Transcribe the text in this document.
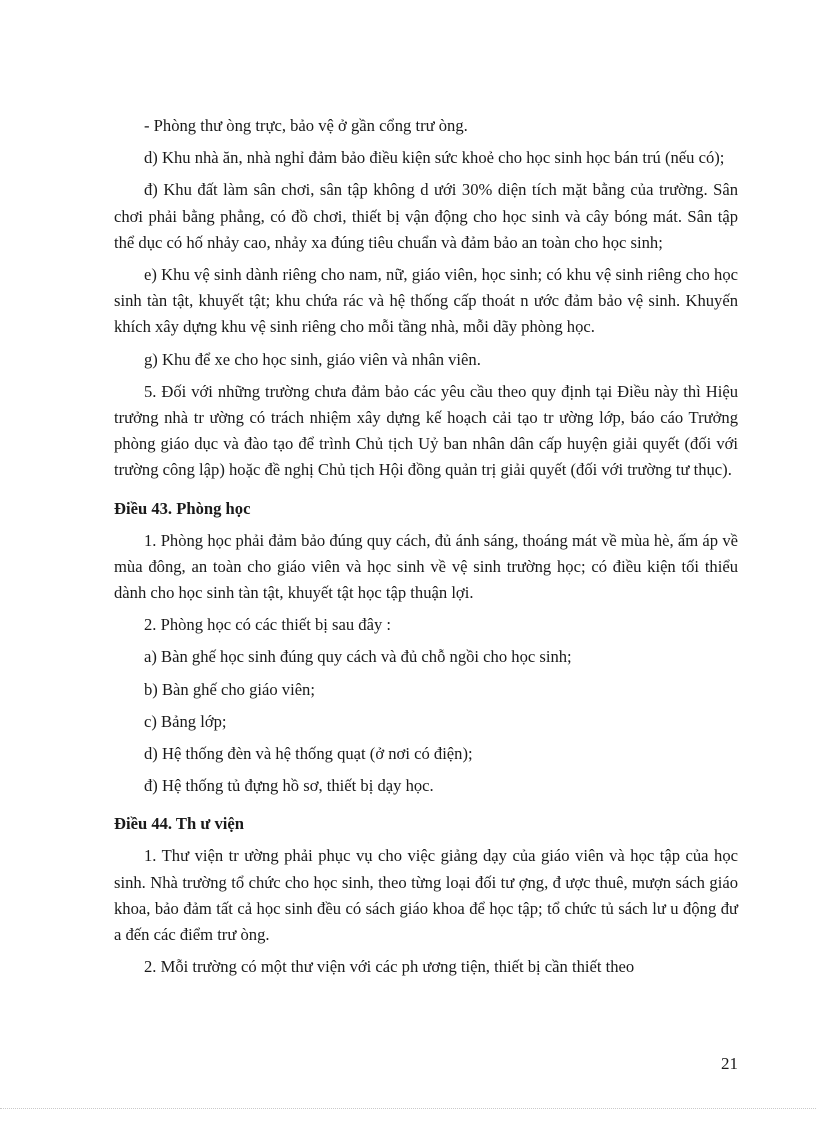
- Phòng thư òng trực, bảo vệ ở gần cổng trư òng.

d) Khu nhà ăn, nhà nghỉ đảm bảo điều kiện sức khoẻ cho học sinh học bán trú (nếu có);

đ) Khu đất làm sân chơi, sân tập không d ưới 30% diện tích mặt bằng của trường. Sân chơi phải bằng phẳng, có đồ chơi, thiết bị vận động cho học sinh và cây bóng mát. Sân tập thể dục có hố nhảy cao, nhảy xa đúng tiêu chuẩn và đảm bảo an toàn cho học sinh;

e) Khu vệ sinh dành riêng cho nam, nữ, giáo viên, học sinh; có khu vệ sinh riêng cho học sinh tàn tật, khuyết tật; khu chứa rác và hệ thống cấp thoát n ước đảm bảo vệ sinh. Khuyến khích xây dựng khu vệ sinh riêng cho mỗi tầng nhà, mỗi dãy phòng học.

g) Khu để xe cho học sinh, giáo viên và nhân viên.

5. Đối với những trường chưa đảm bảo các yêu cầu theo quy định tại Điều này thì Hiệu trưởng nhà tr ường có trách nhiệm xây dựng kế hoạch cải tạo tr ường lớp, báo cáo Trưởng phòng giáo dục và đào tạo để trình Chủ tịch Uỷ ban nhân dân cấp huyện giải quyết (đối với trường công lập) hoặc đề nghị Chủ tịch Hội đồng quản trị giải quyết (đối với trường tư thục).

Điều 43. Phòng học

1. Phòng học phải đảm bảo đúng quy cách, đủ ánh sáng, thoáng mát về mùa hè, ấm áp về mùa đông, an toàn cho giáo viên và học sinh về vệ sinh trường học; có điều kiện tối thiểu dành cho học sinh tàn tật, khuyết tật học tập thuận lợi.

2. Phòng học có các thiết bị sau đây :

a) Bàn ghế học sinh đúng quy cách và đủ chỗ ngồi cho học sinh;

b) Bàn ghế cho giáo viên;

c) Bảng lớp;

d) Hệ thống đèn và hệ thống quạt (ở nơi có điện);

đ) Hệ thống tủ đựng hồ sơ, thiết bị dạy học.

Điều 44. Th ư viện

1. Thư viện tr ường phải phục vụ cho việc giảng dạy của giáo viên và học tập của học sinh. Nhà trường tổ chức cho học sinh, theo từng loại đối tư ợng, đ ược thuê, mượn sách giáo khoa, bảo đảm tất cả học sinh đều có sách giáo khoa để học tập; tổ chức tủ sách lư u động đư a đến các điểm trư òng.

2. Mỗi trường có một thư viện với các ph ương tiện, thiết bị cần thiết theo

21
